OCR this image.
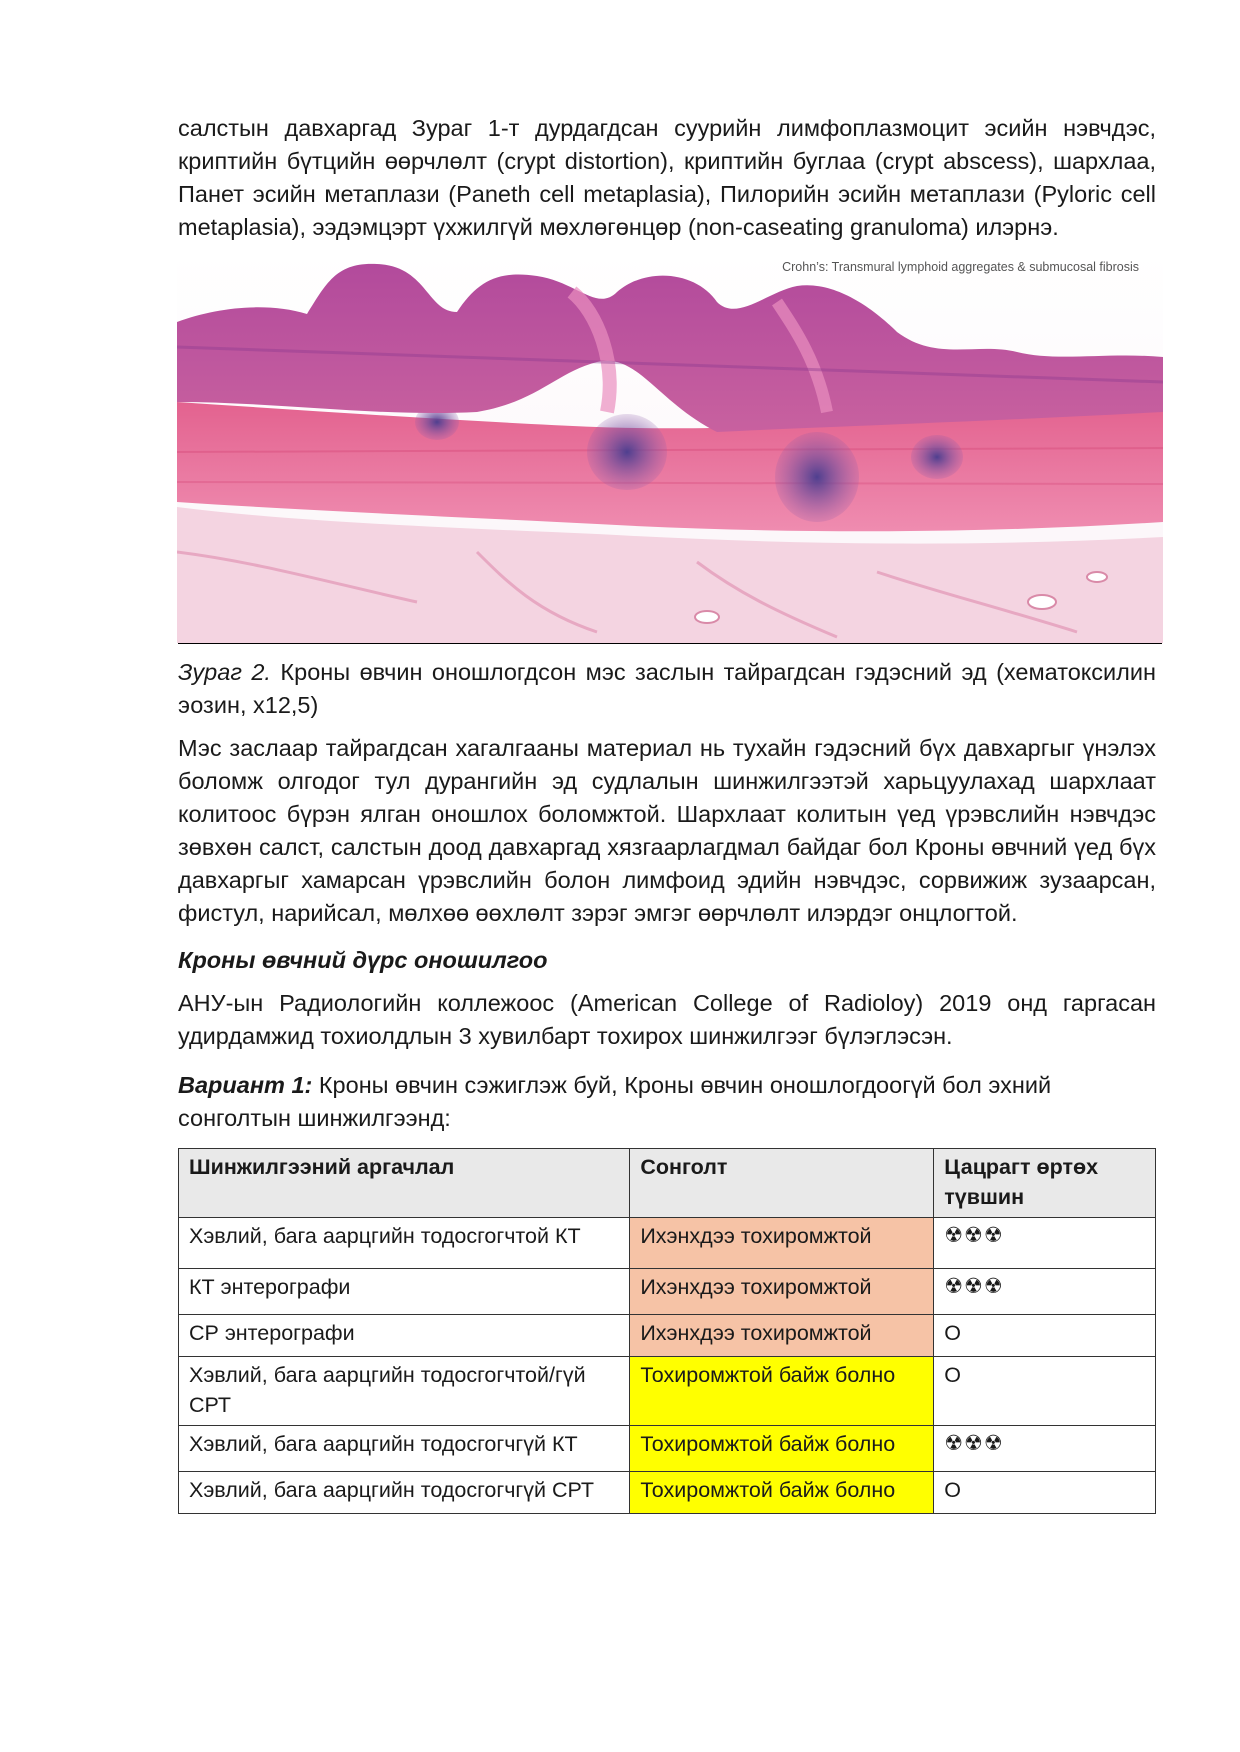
салстын давхаргад Зураг 1-т дурдагдсан суурийн лимфоплазмоцит эсийн нэвчдэс, криптийн бүтцийн өөрчлөлт (crypt distortion), криптийн буглаа (crypt abscess), шархлаа, Панет эсийн метаплази (Paneth cell metaplasia), Пилорийн эсийн метаплази (Pyloric cell metaplasia), ээдэмцэрт үхжилгүй мөхлөгөнцөр (non-caseating granuloma) илэрнэ.

Crohn’s: Transmural lymphoid aggregates & submucosal fibrosis

Зураг 2. Кроны өвчин оношлогдсон мэс заслын тайрагдсан гэдэсний эд (хематоксилин эозин, x12,5)

Мэс заслаар тайрагдсан хагалгааны материал нь тухайн гэдэсний бүх давхаргыг үнэлэх боломж олгодог тул дурангийн эд судлалын шинжилгээтэй харьцуулахад шархлаат колитоос бүрэн ялган оношлох боломжтой. Шархлаат колитын үед үрэвслийн нэвчдэс зөвхөн салст, салстын доод давхаргад хязгаарлагдмал байдаг бол Кроны өвчний үед бүх давхаргыг хамарсан үрэвслийн болон лимфоид эдийн нэвчдэс, сорвижиж зузаарсан, фистул, нарийсал, мөлхөө өөхлөлт зэрэг эмгэг өөрчлөлт илэрдэг онцлогтой.

Кроны өвчний дүрс оношилгоо

АНУ-ын Радиологийн коллежоос (American College of Radioloy) 2019 онд гаргасан удирдамжид тохиолдлын 3 хувилбарт тохирох шинжилгээг бүлэглэсэн.

Вариант 1: Кроны өвчин сэжиглэж буй, Кроны өвчин оношлогдоогүй бол эхний сонголтын шинжилгээнд:

Шинжилгээний аргачлал	Сонголт	Цацрагт өртөх түвшин
Хэвлий, бага аарцгийн тодосгогчтой КТ	Ихэнхдээ тохиромжтой	☢☢☢
КТ энтерографи	Ихэнхдээ тохиромжтой	☢☢☢
СР энтерографи	Ихэнхдээ тохиромжтой	O
Хэвлий, бага аарцгийн тодосгогчтой/гүй СРТ	Тохиромжтой байж болно	O
Хэвлий, бага аарцгийн тодосгогчгүй КТ	Тохиромжтой байж болно	☢☢☢
Хэвлий, бага аарцгийн тодосгогчгүй СРТ	Тохиромжтой байж болно	O
